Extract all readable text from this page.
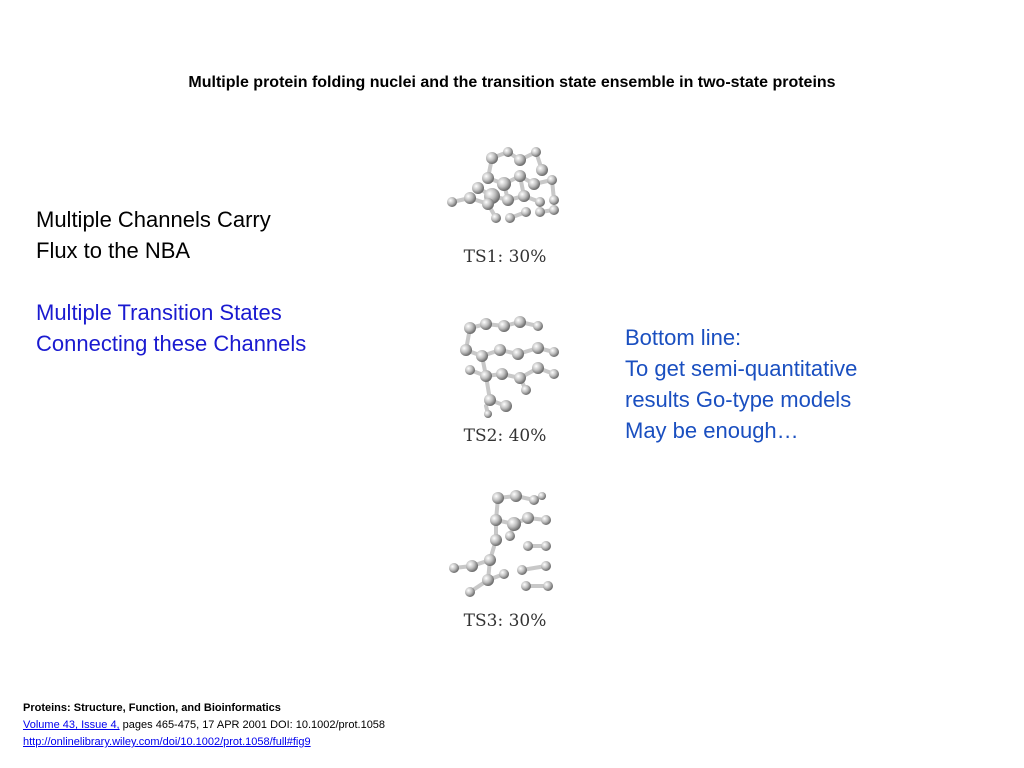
Multiple protein folding nuclei and the transition state ensemble in two-state proteins

Multiple Channels Carry
Flux to the NBA

Multiple Transition States
Connecting these Channels	Bottom line:
To get semi-quantitative
results Go-type models
May be enough…
TS1: 30%
TS2: 40%
TS3: 30%
Proteins: Structure, Function, and Bioinformatics
Volume 43, Issue 4, pages 465-475, 17 APR 2001 DOI: 10.1002/prot.1058
http://onlinelibrary.wiley.com/doi/10.1002/prot.1058/full#fig9
